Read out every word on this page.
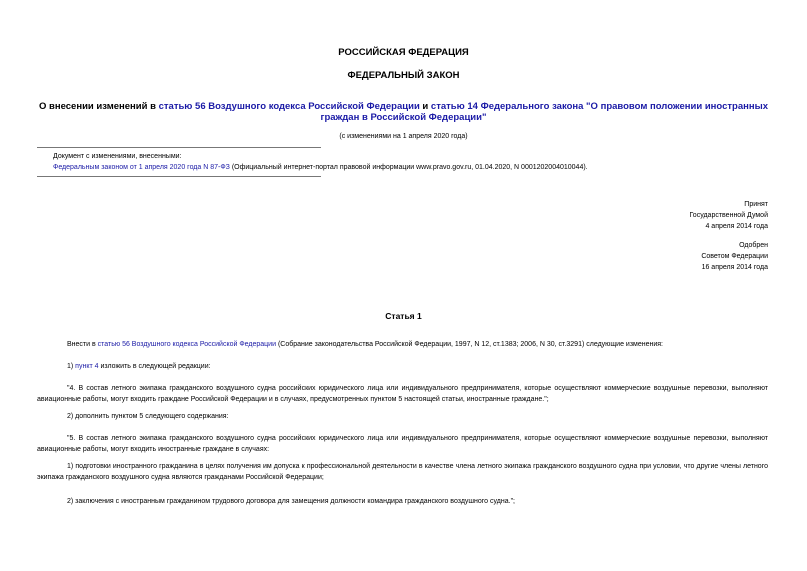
РОССИЙСКАЯ ФЕДЕРАЦИЯ
ФЕДЕРАЛЬНЫЙ ЗАКОН
О внесении изменений в статью 56 Воздушного кодекса Российской Федерации и статью 14 Федерального закона "О правовом положении иностранных граждан в Российской Федерации"
(с изменениями на 1 апреля 2020 года)
Документ с изменениями, внесенными:
Федеральным законом от 1 апреля 2020 года N 87-ФЗ (Официальный интернет-портал правовой информации www.pravo.gov.ru, 01.04.2020, N 0001202004010044).
Принят
Государственной Думой
4 апреля 2014 года
Одобрен
Советом Федерации
16 апреля 2014 года
Статья 1
Внести в статью 56 Воздушного кодекса Российской Федерации (Собрание законодательства Российской Федерации, 1997, N 12, ст.1383; 2006, N 30, ст.3291) следующие изменения:
1) пункт 4 изложить в следующей редакции:
"4. В состав летного экипажа гражданского воздушного судна российских юридического лица или индивидуального предпринимателя, которые осуществляют коммерческие воздушные перевозки, выполняют авиационные работы, могут входить граждане Российской Федерации и в случаях, предусмотренных пунктом 5 настоящей статьи, иностранные граждане.";
2) дополнить пунктом 5 следующего содержания:
"5. В состав летного экипажа гражданского воздушного судна российских юридического лица или индивидуального предпринимателя, которые осуществляют коммерческие воздушные перевозки, выполняют авиационные работы, могут входить иностранные граждане в случаях:
1) подготовки иностранного гражданина в целях получения им допуска к профессиональной деятельности в качестве члена летного экипажа гражданского воздушного судна при условии, что другие члены летного экипажа гражданского воздушного судна являются гражданами Российской Федерации;
2) заключения с иностранным гражданином трудового договора для замещения должности командира гражданского воздушного судна.";
